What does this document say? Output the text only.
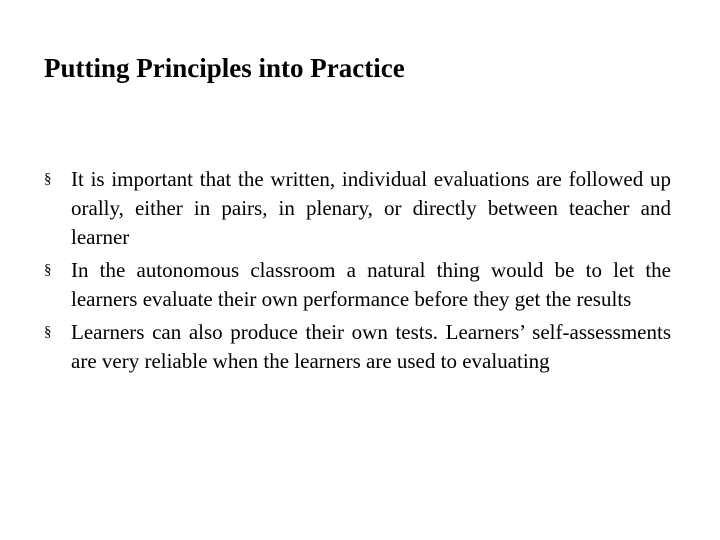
Putting Principles into Practice
§ It is important that the written, individual evaluations are followed up orally, either in pairs, in plenary, or directly between teacher and learner
§ In the autonomous classroom a natural thing would be to let the learners evaluate their own performance before they get the results
§ Learners can also produce their own tests. Learners’ self-assessments are very reliable when the learners are used to evaluating
